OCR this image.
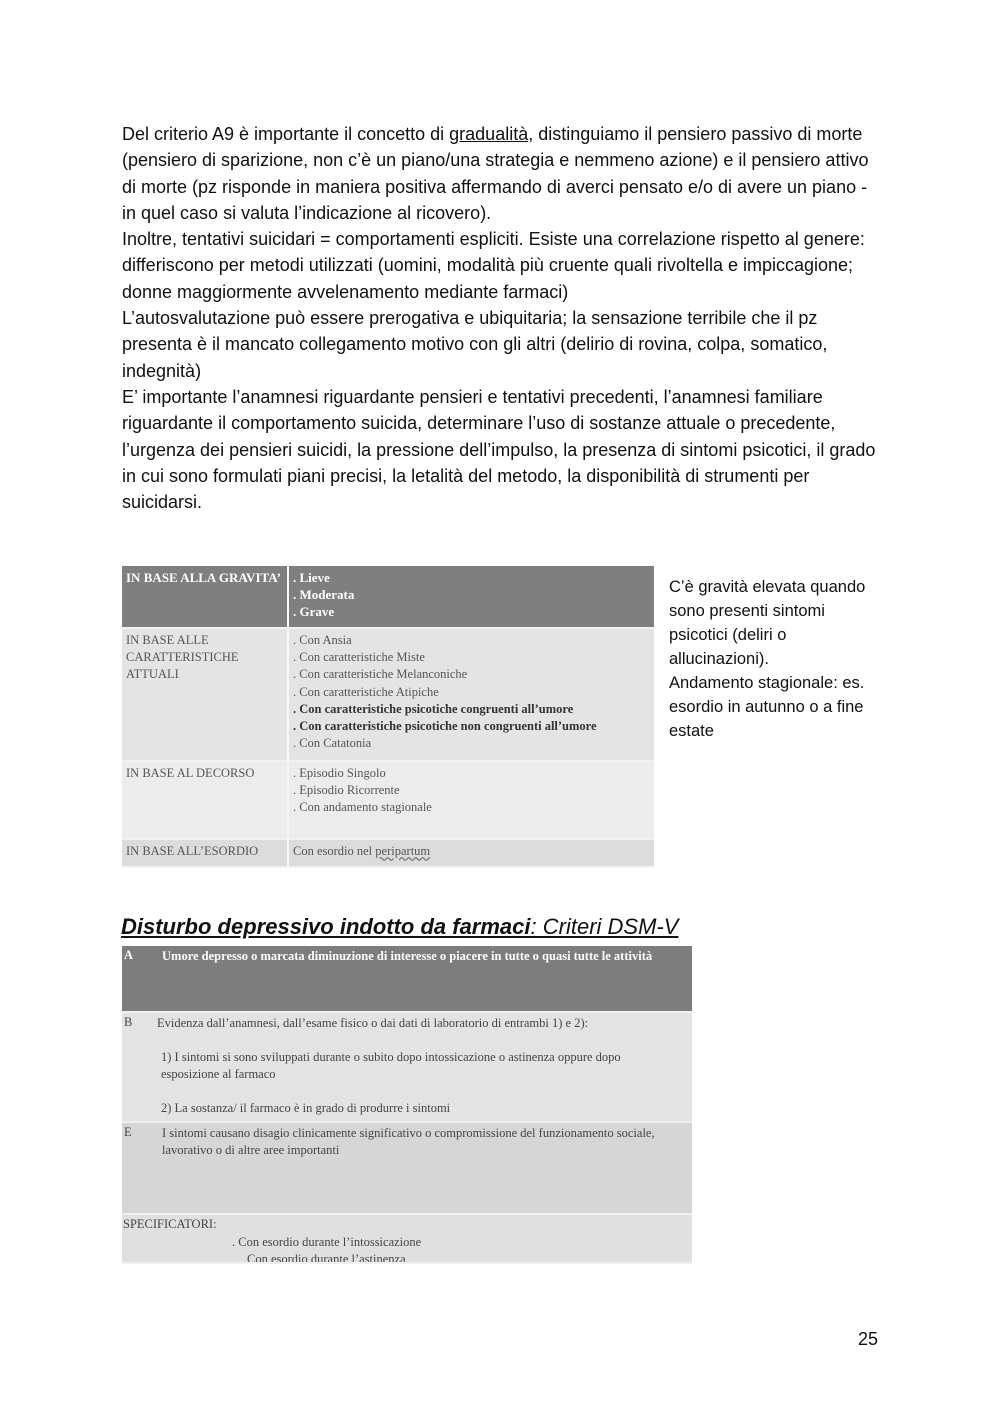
Del criterio A9 è importante il concetto di gradualità, distinguiamo il pensiero passivo di morte (pensiero di sparizione, non c’è un piano/una strategia e nemmeno azione) e il pensiero attivo di morte (pz risponde in maniera positiva affermando di averci pensato e/o di avere un piano - in quel caso si valuta l’indicazione al ricovero).

Inoltre, tentativi suicidari = comportamenti espliciti. Esiste una correlazione rispetto al genere: differiscono per metodi utilizzati (uomini, modalità più cruente quali rivoltella e impiccagione; donne maggiormente avvelenamento mediante farmaci)

L’autosvalutazione può essere prerogativa e ubiquitaria; la sensazione terribile che il pz presenta è il mancato collegamento motivo con gli altri (delirio di rovina, colpa, somatico, indegnità)

E’ importante l’anamnesi riguardante pensieri e tentativi precedenti, l’anamnesi familiare riguardante il comportamento suicida, determinare l’uso di sostanze attuale o precedente, l’urgenza dei pensieri suicidi, la pressione dell’impulso, la presenza di sintomi psicotici, il grado in cui sono formulati piani precisi, la letalità del metodo, la disponibilità di strumenti per suicidarsi.

IN BASE ALLA GRAVITA’ . Lieve
. Moderata
. Grave
IN BASE ALLE CARATTERISTICHE ATTUALI
. Con Ansia
. Con caratteristiche Miste
. Con caratteristiche Melanconiche
. Con caratteristiche Atipiche
. Con caratteristiche psicotiche congruenti all’umore
. Con caratteristiche psicotiche non congruenti all’umore
. Con Catatonia
IN BASE AL DECORSO	. Episodio Singolo
. Episodio Ricorrente
. Con andamento stagionale
IN BASE ALL’ESORDIO	Con esordio nel peripartum

C’è gravità elevata quando sono presenti sintomi psicotici (deliri o allucinazioni).

Andamento stagionale: es. esordio in autunno o a fine estate

Disturbo depressivo indotto da farmaci: Criteri DSM-V
A Umore depresso o marcata diminuzione di interesse o piacere in tutte o quasi tutte le attività
B Evidenza dall’anamnesi, dall’esame fisico o dai dati di laboratorio di entrambi 1) e 2):

1) I sintomi si sono sviluppati durante o subito dopo intossicazione o astinenza oppure dopo esposizione al farmaco

2) La sostanza/ il farmaco è in grado di produrre i sintomi

E I sintomi causano disagio clinicamente significativo o compromissione del funzionamento sociale, lavorativo o di altre aree importanti
SPECIFICATORI:
. Con esordio durante l’intossicazione
Con esordio durante l’astinenza
25
